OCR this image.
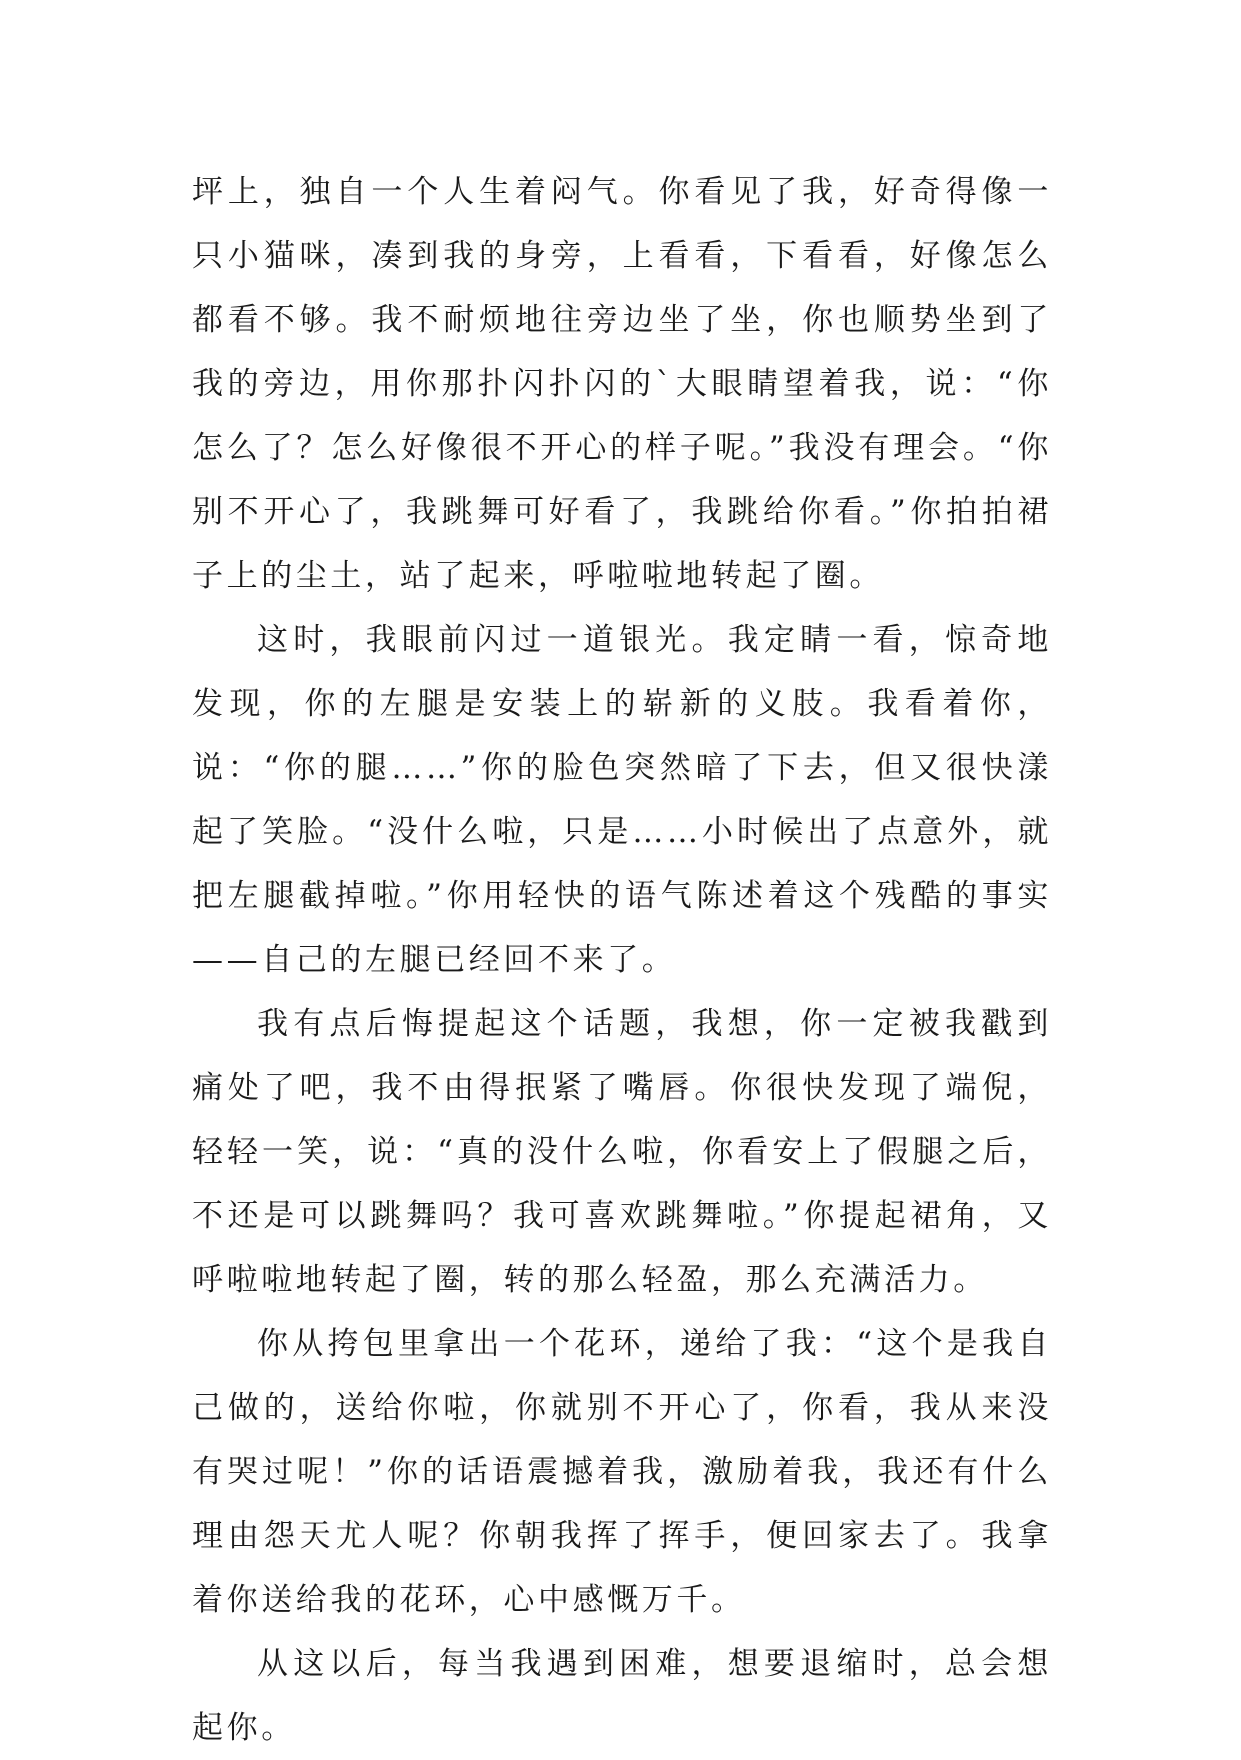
坪上，独自一个人生着闷气。你看见了我，好奇得像一只小猫咪，凑到我的身旁，上看看，下看看，好像怎么都看不够。我不耐烦地往旁边坐了坐，你也顺势坐到了我的旁边，用你那扑闪扑闪的`大眼睛望着我，说：“你怎么了？怎么好像很不开心的样子呢。”我没有理会。“你别不开心了，我跳舞可好看了，我跳给你看。”你拍拍裙子上的尘土，站了起来，呼啦啦地转起了圈。

这时，我眼前闪过一道银光。我定睛一看，惊奇地发现，你的左腿是安装上的崭新的义肢。我看着你，说：“你的腿……”你的脸色突然暗了下去，但又很快漾起了笑脸。“没什么啦，只是……小时候出了点意外，就把左腿截掉啦。”你用轻快的语气陈述着这个残酷的事实——自己的左腿已经回不来了。

我有点后悔提起这个话题，我想，你一定被我戳到痛处了吧，我不由得抿紧了嘴唇。你很快发现了端倪，轻轻一笑，说：“真的没什么啦，你看安上了假腿之后，不还是可以跳舞吗？我可喜欢跳舞啦。”你提起裙角，又呼啦啦地转起了圈，转的那么轻盈，那么充满活力。

你从挎包里拿出一个花环，递给了我：“这个是我自己做的，送给你啦，你就别不开心了，你看，我从来没有哭过呢！”你的话语震撼着我，激励着我，我还有什么理由怨天尤人呢？你朝我挥了挥手，便回家去了。我拿着你送给我的花环，心中感慨万千。

从这以后，每当我遇到困难，想要退缩时，总会想起你。
